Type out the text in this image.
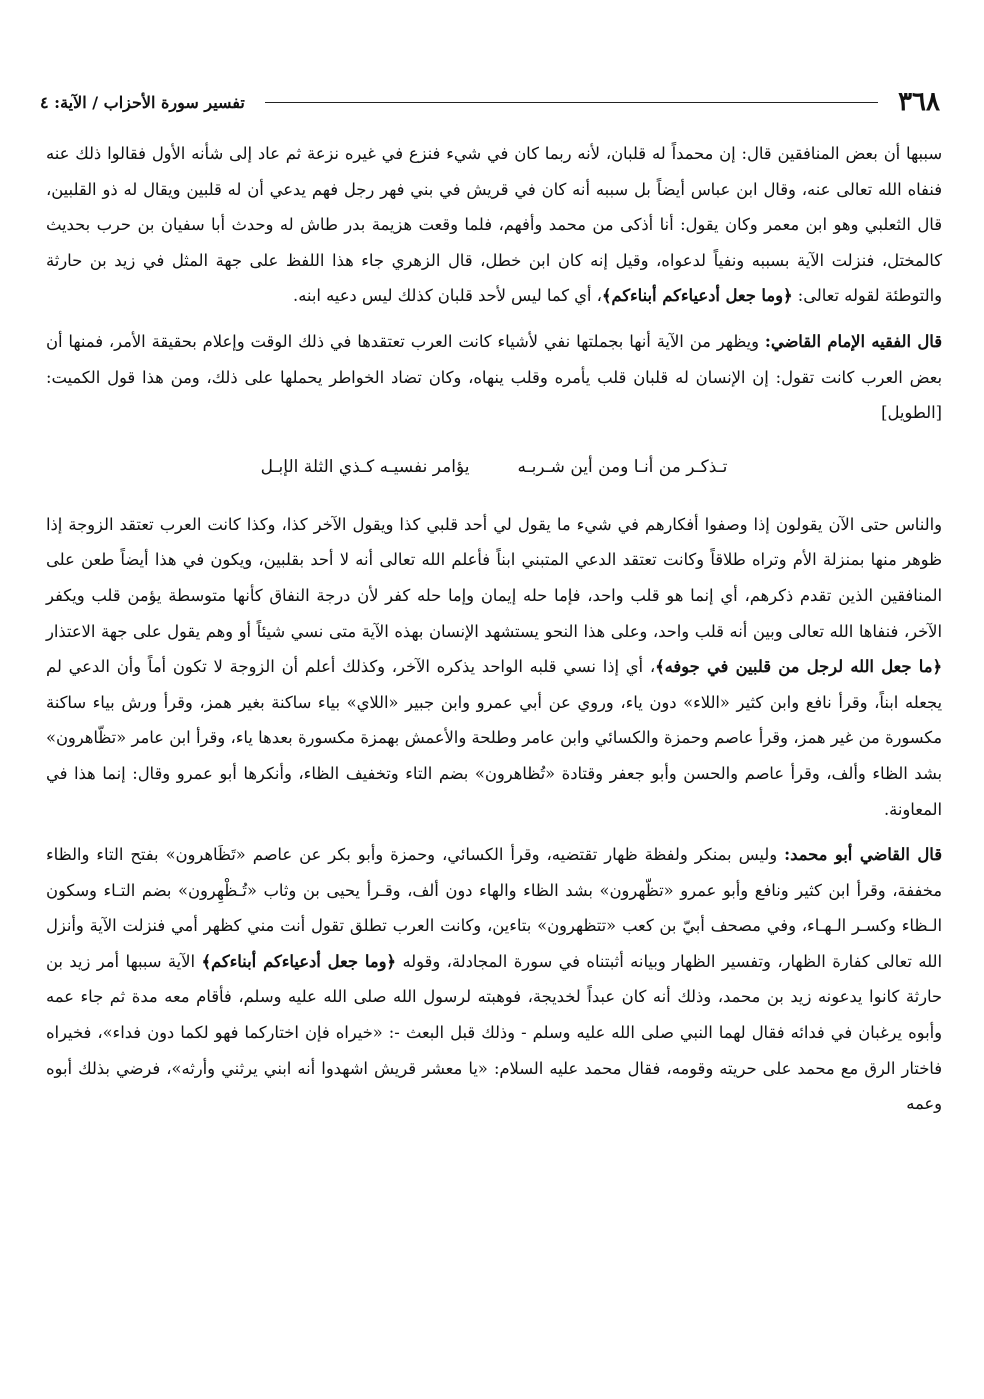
٣٦٨
تفسير سورة الأحزاب / الآية: ٤

سببها أن بعض المنافقين قال: إن محمداً له قلبان، لأنه ربما كان في شيء فنزع في غيره نزعة ثم عاد إلى شأنه الأول فقالوا ذلك عنه فنفاه الله تعالى عنه، وقال ابن عباس أيضاً بل سببه أنه كان في قريش في بني فهر رجل فهم يدعي أن له قلبين ويقال له ذو القلبين، قال الثعلبي وهو ابن معمر وكان يقول: أنا أذكى من محمد وأفهم، فلما وقعت هزيمة بدر طاش له وحدث أبا سفيان بن حرب بحديث كالمختل، فنزلت الآية بسببه ونفياً لدعواه، وقيل إنه كان ابن خطل، قال الزهري جاء هذا اللفظ على جهة المثل في زيد بن حارثة والتوطئة لقوله تعالى: ﴿وما جعل أدعياءكم أبناءكم﴾، أي كما ليس لأحد قلبان كذلك ليس دعيه ابنه.

قال الفقيه الإمام القاضي: ويظهر من الآية أنها بجملتها نفي لأشياء كانت العرب تعتقدها في ذلك الوقت وإعلام بحقيقة الأمر، فمنها أن بعض العرب كانت تقول: إن الإنسان له قلبان قلب يأمره وقلب ينهاه، وكان تضاد الخواطر يحملها على ذلك، ومن هذا قول الكميت: [الطويل]

تـذكـر من أنـا ومن أين شـربـه
يؤامر نفسيـه كـذي الثلة الإبـل

والناس حتى الآن يقولون إذا وصفوا أفكارهم في شيء ما يقول لي أحد قلبي كذا ويقول الآخر كذا، وكذا كانت العرب تعتقد الزوجة إذا ظوهر منها بمنزلة الأم وتراه طلاقاً وكانت تعتقد الدعي المتبني ابناً فأعلم الله تعالى أنه لا أحد بقلبين، ويكون في هذا أيضاً طعن على المنافقين الذين تقدم ذكرهم، أي إنما هو قلب واحد، فإما حله إيمان وإما حله كفر لأن درجة النفاق كأنها متوسطة يؤمن قلب ويكفر الآخر، فنفاها الله تعالى وبين أنه قلب واحد، وعلى هذا النحو يستشهد الإنسان بهذه الآية متى نسي شيئاً أو وهم يقول على جهة الاعتذار ﴿ما جعل الله لرجل من قلبين في جوفه﴾، أي إذا نسي قلبه الواحد يذكره الآخر، وكذلك أعلم أن الزوجة لا تكون أماً وأن الدعي لم يجعله ابناً، وقرأ نافع وابن كثير «اللاء» دون ياء، وروي عن أبي عمرو وابن جبير «اللاي» بياء ساكنة بغير همز، وقرأ ورش بياء ساكنة مكسورة من غير همز، وقرأ عاصم وحمزة والكسائي وابن عامر وطلحة والأعمش بهمزة مكسورة بعدها ياء، وقرأ ابن عامر «تظّاهرون» بشد الظاء وألف، وقرأ عاصم والحسن وأبو جعفر وقتادة «تُظاهرون» بضم التاء وتخفيف الظاء، وأنكرها أبو عمرو وقال: إنما هذا في المعاونة.

قال القاضي أبو محمد: وليس بمنكر ولفظة ظهار تقتضيه، وقرأ الكسائي، وحمزة وأبو بكر عن عاصم «تَظَاهرون» بفتح التاء والظاء مخففة، وقرأ ابن كثير ونافع وأبو عمرو «تظّهرون» بشد الظاء والهاء دون ألف، وقـرأ يحيى بن وثاب «تُـظْهِرون» بضم التـاء وسكون الـظاء وكسـر الـهـاء، وفي مصحف أبيّ بن كعب «تتظهرون» بتاءين، وكانت العرب تطلق تقول أنت مني كظهر أمي فنزلت الآية وأنزل الله تعالى كفارة الظهار، وتفسير الظهار وبيانه أثبتناه في سورة المجادلة، وقوله ﴿وما جعل أدعياءكم أبناءكم﴾ الآية سببها أمر زيد بن حارثة كانوا يدعونه زيد بن محمد، وذلك أنه كان عبداً لخديجة، فوهبته لرسول الله صلى الله عليه وسلم، فأقام معه مدة ثم جاء عمه وأبوه يرغبان في فدائه فقال لهما النبي صلى الله عليه وسلم - وذلك قبل البعث -: «خيراه فإن اختاركما فهو لكما دون فداء»، فخيراه فاختار الرق مع محمد على حريته وقومه، فقال محمد عليه السلام: «يا معشر قريش اشهدوا أنه ابني يرثني وأرثه»، فرضي بذلك أبوه وعمه
